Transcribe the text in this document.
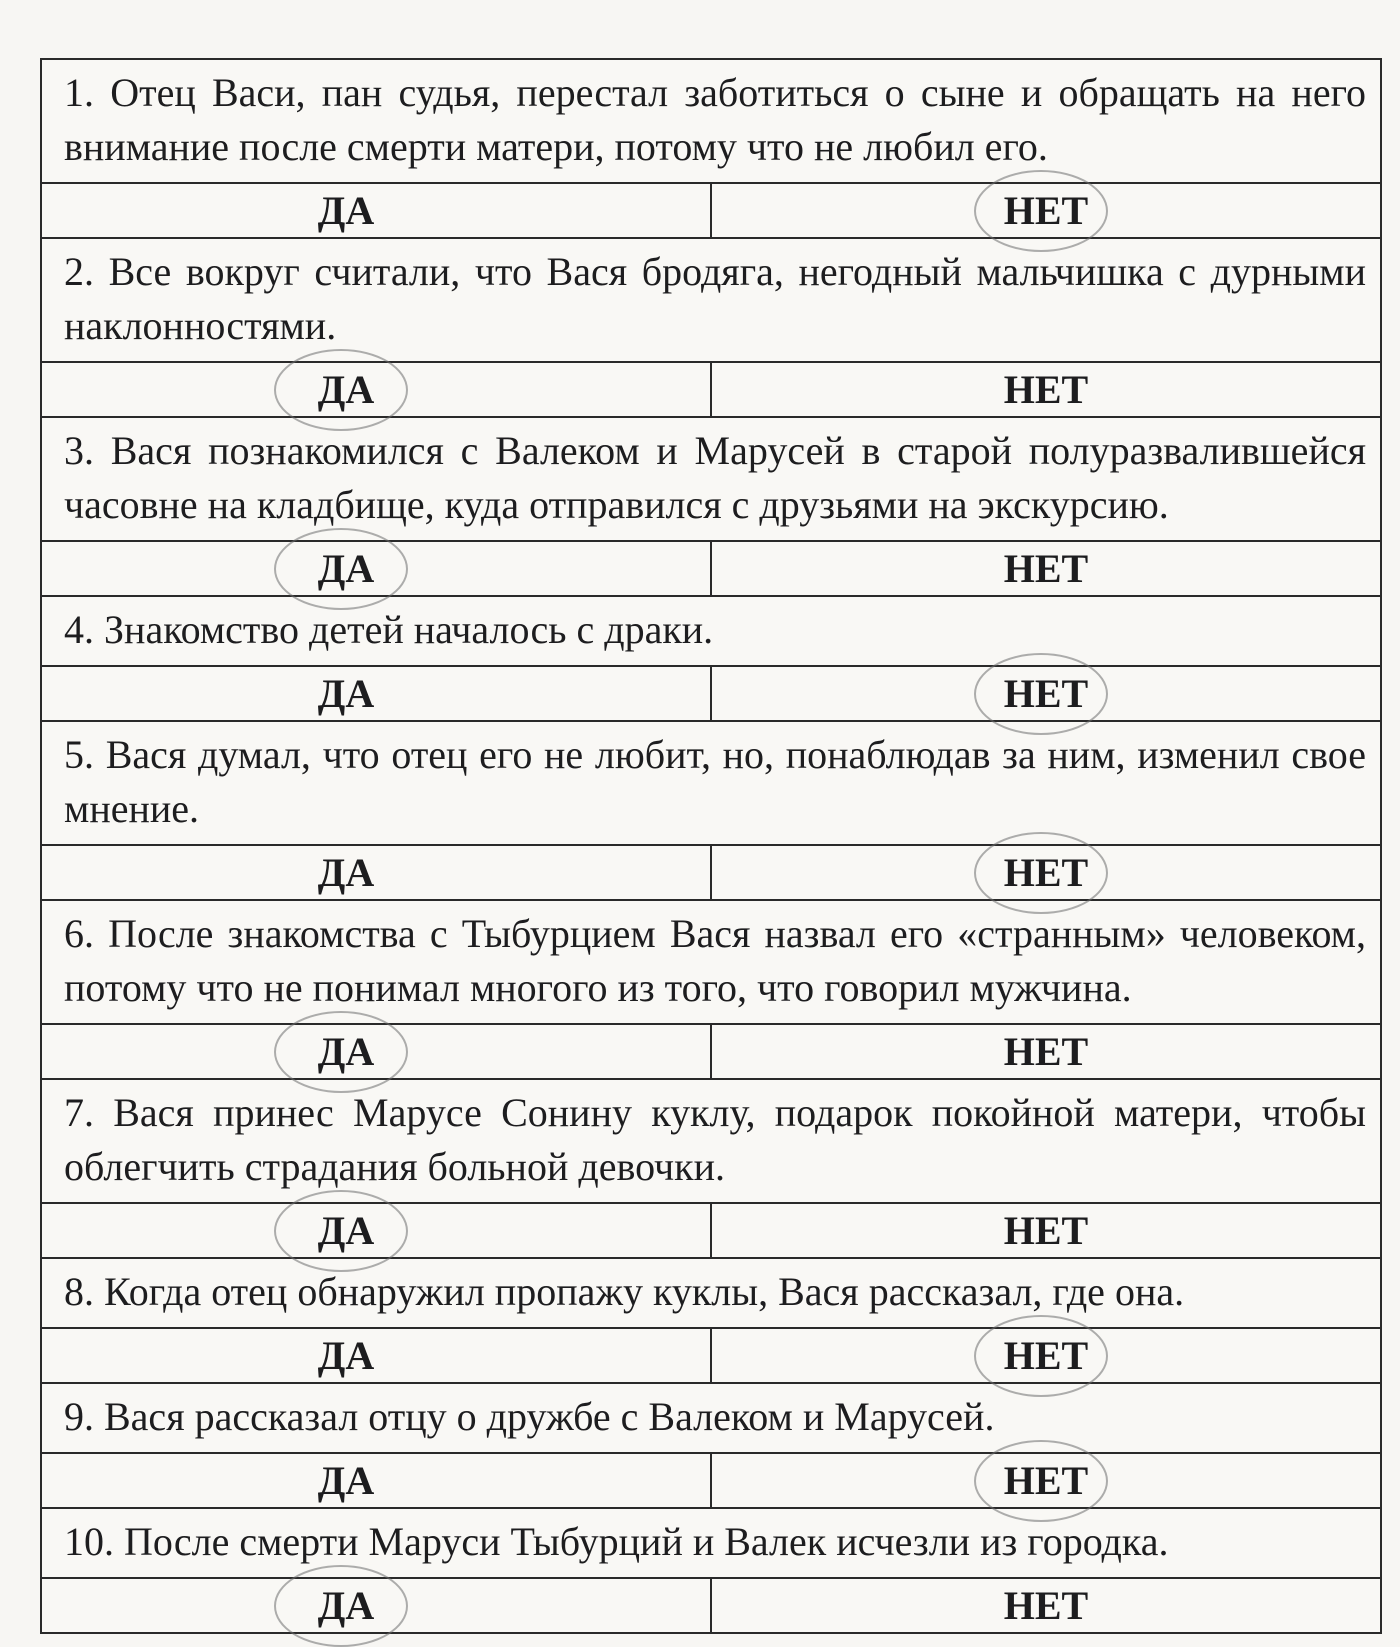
1. Отец Васи, пан судья, перестал заботиться о сыне и обращать на него внимание после смерти матери, потому что не любил его.
ДА	НЕТ
2. Все вокруг считали, что Вася бродяга, негодный мальчишка с дурными наклонностями.
ДА	НЕТ
3. Вася познакомился с Валеком и Марусей в старой полуразвалившейся часовне на кладбище, куда отправился с друзьями на экскурсию.
ДА	НЕТ
4. Знакомство детей началось с драки.
ДА	НЕТ
5. Вася думал, что отец его не любит, но, понаблюдав за ним, изменил свое мнение.
ДА	НЕТ
6. После знакомства с Тыбурцием Вася назвал его «странным» человеком, потому что не понимал многого из того, что говорил мужчина.
ДА	НЕТ
7. Вася принес Марусе Сонину куклу, подарок покойной матери, чтобы облегчить страдания больной девочки.
ДА	НЕТ
8. Когда отец обнаружил пропажу куклы, Вася рассказал, где она.
ДА	НЕТ
9. Вася рассказал отцу о дружбе с Валеком и Марусей.
ДА	НЕТ
10. После смерти Маруси Тыбурций и Валек исчезли из городка.
ДА	НЕТ
